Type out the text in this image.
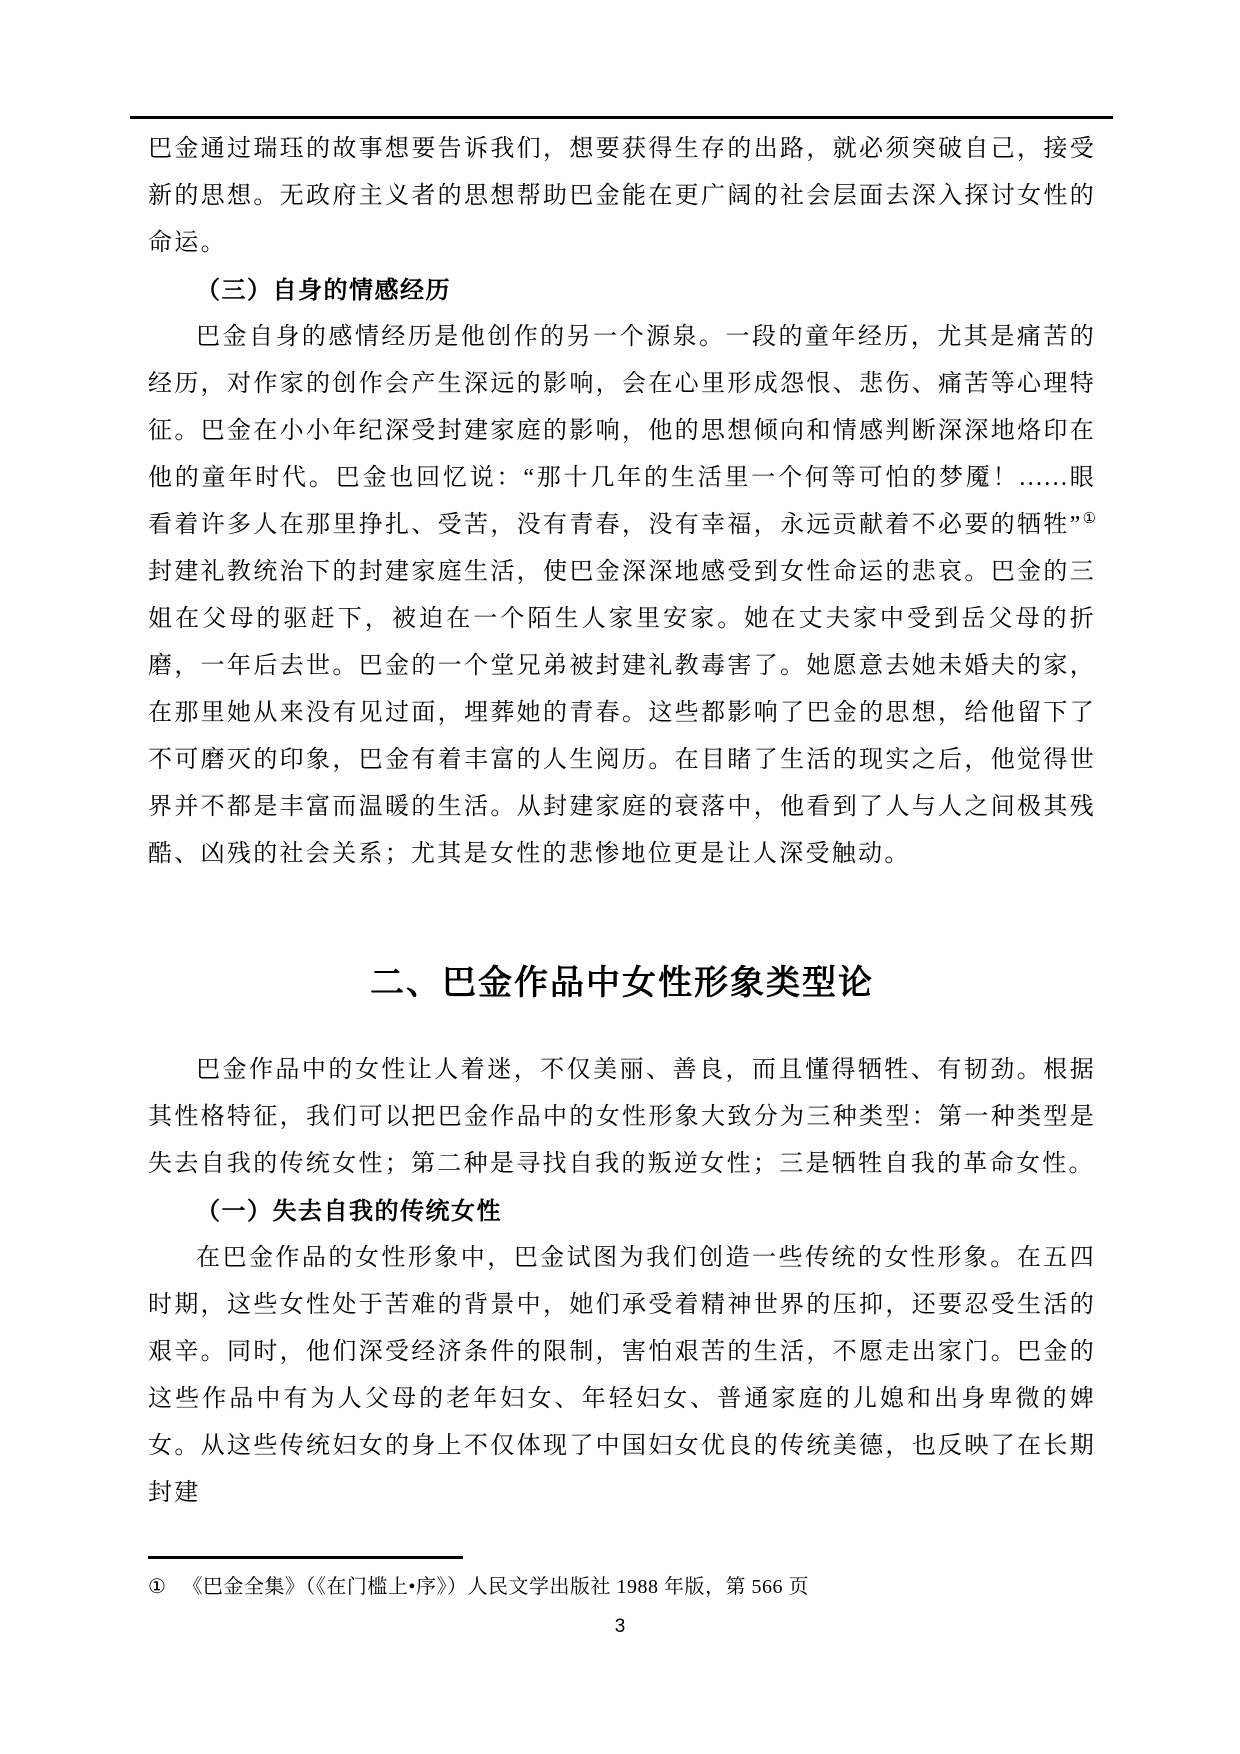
巴金通过瑞珏的故事想要告诉我们，想要获得生存的出路，就必须突破自己，接受新的思想。无政府主义者的思想帮助巴金能在更广阔的社会层面去深入探讨女性的命运。

（三）自身的情感经历

巴金自身的感情经历是他创作的另一个源泉。一段的童年经历，尤其是痛苦的经历，对作家的创作会产生深远的影响，会在心里形成怨恨、悲伤、痛苦等心理特征。巴金在小小年纪深受封建家庭的影响，他的思想倾向和情感判断深深地烙印在他的童年时代。巴金也回忆说：“那十几年的生活里一个何等可怕的梦魇！......眼看着许多人在那里挣扎、受苦，没有青春，没有幸福，永远贡献着不必要的牺牲”①封建礼教统治下的封建家庭生活，使巴金深深地感受到女性命运的悲哀。巴金的三姐在父母的驱赶下，被迫在一个陌生人家里安家。她在丈夫家中受到岳父母的折磨，一年后去世。巴金的一个堂兄弟被封建礼教毒害了。她愿意去她未婚夫的家，在那里她从来没有见过面，埋葬她的青春。这些都影响了巴金的思想，给他留下了不可磨灭的印象，巴金有着丰富的人生阅历。在目睹了生活的现实之后，他觉得世界并不都是丰富而温暖的生活。从封建家庭的衰落中，他看到了人与人之间极其残酷、凶残的社会关系；尤其是女性的悲惨地位更是让人深受触动。

二、巴金作品中女性形象类型论

巴金作品中的女性让人着迷，不仅美丽、善良，而且懂得牺牲、有韧劲。根据其性格特征，我们可以把巴金作品中的女性形象大致分为三种类型：第一种类型是失去自我的传统女性；第二种是寻找自我的叛逆女性；三是牺牲自我的革命女性。

（一）失去自我的传统女性

在巴金作品的女性形象中，巴金试图为我们创造一些传统的女性形象。在五四时期，这些女性处于苦难的背景中，她们承受着精神世界的压抑，还要忍受生活的艰辛。同时，他们深受经济条件的限制，害怕艰苦的生活，不愿走出家门。巴金的这些作品中有为人父母的老年妇女、年轻妇女、普通家庭的儿媳和出身卑微的婢女。从这些传统妇女的身上不仅体现了中国妇女优良的传统美德，也反映了在长期封建

① 《巴金全集》（《在门槛上•序》）人民文学出版社 1988 年版，第 566 页

3
